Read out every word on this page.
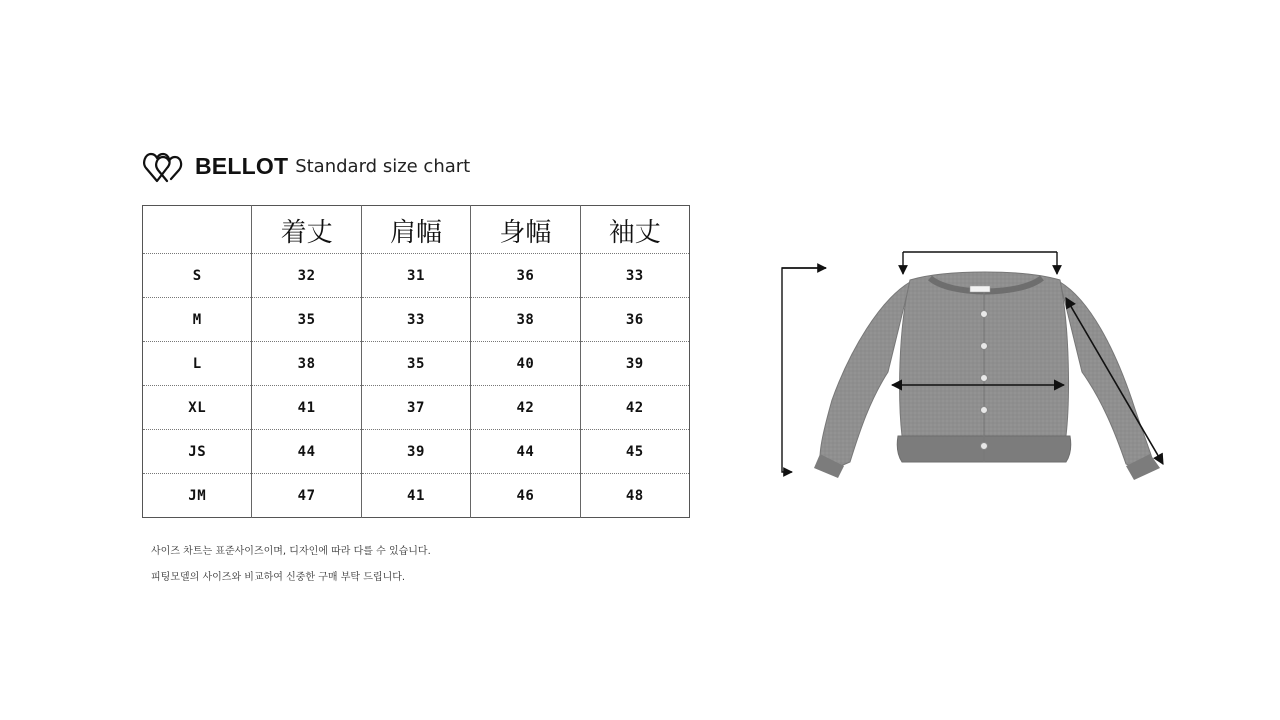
BELLOT Standard size chart
	着丈	肩幅	身幅	袖丈
S	32	31	36	33
M	35	33	38	36
L	38	35	40	39
XL	41	37	42	42
JS	44	39	44	45
JM	47	41	46	48
사이즈 차트는 표준사이즈이며, 디자인에 따라 다를 수 있습니다.
피팅모델의 사이즈와 비교하여 신중한 구매 부탁 드립니다.
